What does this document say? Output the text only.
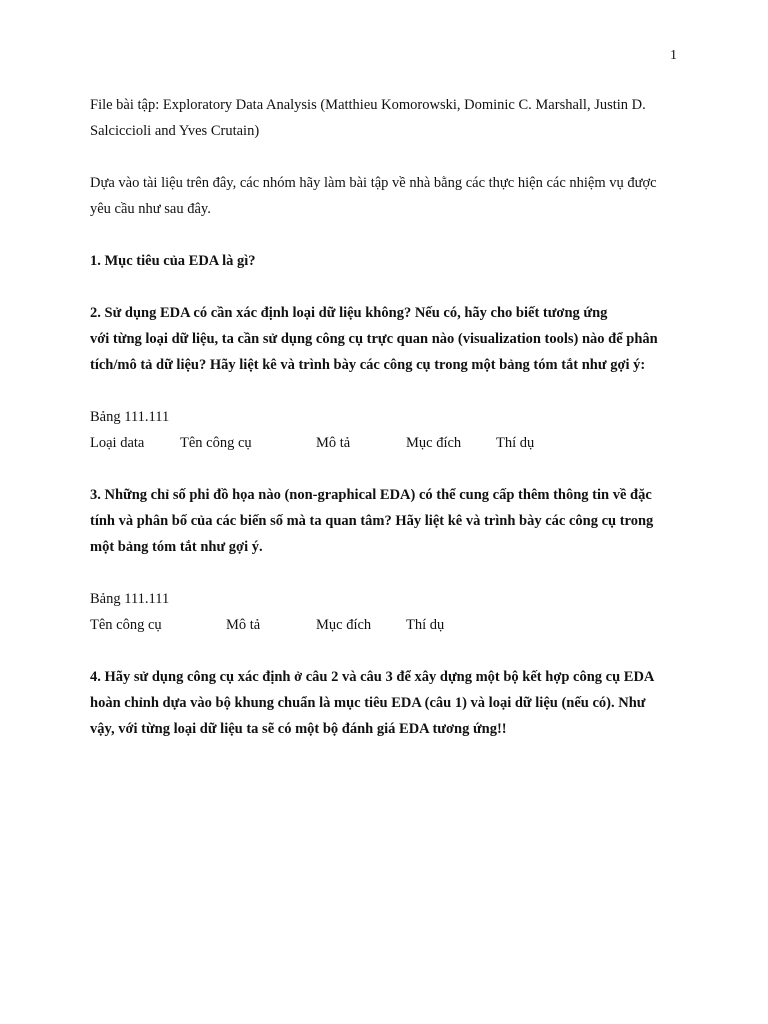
1
File bài tập: Exploratory Data Analysis (Matthieu Komorowski, Dominic C. Marshall, Justin D.
Salciccioli and Yves Crutain)
Dựa vào tài liệu trên đây, các nhóm hãy làm bài tập về nhà bằng các thực hiện các nhiệm vụ được
yêu cầu như sau đây.
1. Mục tiêu của EDA là gì?
2. Sử dụng EDA có cần xác định loại dữ liệu không? Nếu có, hãy cho biết tương ứng
với từng loại dữ liệu, ta cần sử dụng công cụ trực quan nào (visualization tools) nào để phân
tích/mô tả dữ liệu? Hãy liệt kê và trình bày các công cụ trong một bảng tóm tắt như gợi ý:
Bảng 111.111
Loại data	Tên công cụ	Mô tả	Mục đích	Thí dụ
3. Những chỉ số phi đồ họa nào (non-graphical EDA) có thể cung cấp thêm thông tin về đặc
tính và phân bố của các biến số mà ta quan tâm? Hãy liệt kê và trình bày các công cụ trong
một bảng tóm tắt như gợi ý.
Bảng 111.111
Tên công cụ	Mô tả	Mục đích	Thí dụ
4. Hãy sử dụng công cụ xác định ở câu 2 và câu 3 để xây dựng một bộ kết hợp công cụ EDA
hoàn chỉnh dựa vào bộ khung chuẩn là mục tiêu EDA (câu 1) và loại dữ liệu (nếu có). Như
vậy, với từng loại dữ liệu ta sẽ có một bộ đánh giá EDA tương ứng!!
